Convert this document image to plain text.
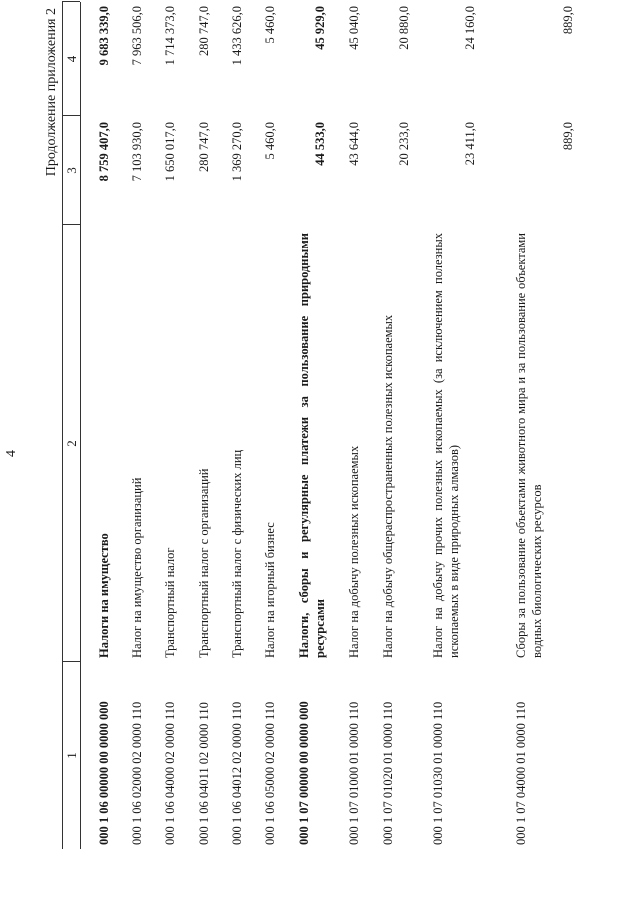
4
Продолжение приложения 2
1
2
3
4
000 1 06 00000 00 0000 000
Налоги на имущество
8 759 407,0
9 683 339,0
000 1 06 02000 02 0000 110
Налог на имущество организаций
7 103 930,0
7 963 506,0
000 1 06 04000 02 0000 110
Транспортный налог
1 650 017,0
1 714 373,0
000 1 06 04011 02 0000 110
Транспортный налог с организаций
280 747,0
280 747,0
000 1 06 04012 02 0000 110
Транспортный налог с физических лиц
1 369 270,0
1 433 626,0
000 1 06 05000 02 0000 110
Налог на игорный бизнес
5 460,0
5 460,0
000 1 07 00000 00 0000 000
Налоги, сборы и регулярные платежи за пользование природными ресурсами
44 533,0
45 929,0
000 1 07 01000 01 0000 110
Налог на добычу полезных ископаемых
43 644,0
45 040,0
000 1 07 01020 01 0000 110
Налог на добычу общераспространенных полезных ископаемых
20 233,0
20 880,0
000 1 07 01030 01 0000 110
Налог на добычу прочих полезных ископаемых (за исключением полезных ископаемых в виде природных алмазов)
23 411,0
24 160,0
000 1 07 04000 01 0000 110
Сборы за пользование объектами животного мира и за пользование объектами водных биологических ресурсов
889,0
889,0
